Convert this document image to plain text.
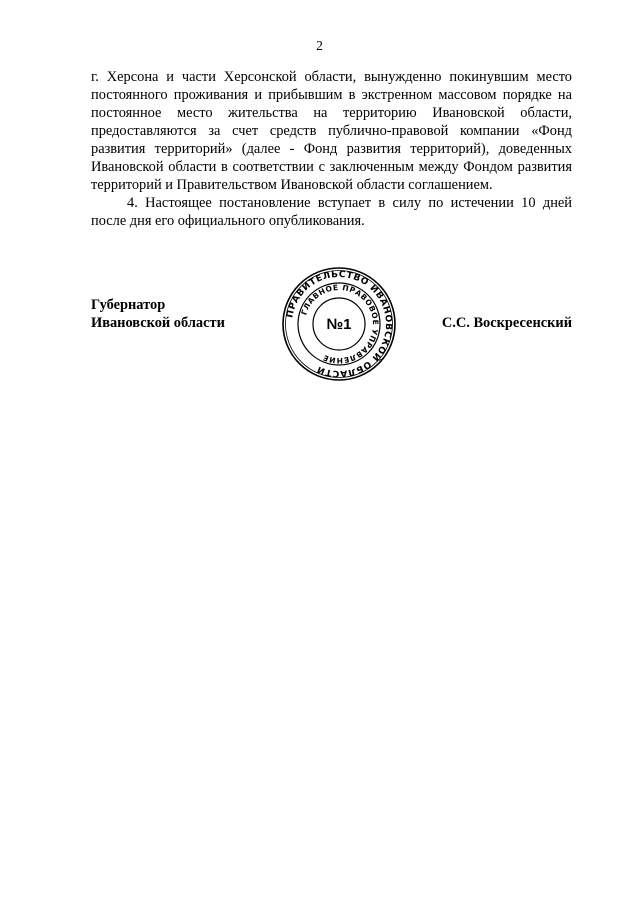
2

г. Херсона и части Херсонской области, вынужденно покинувшим место постоянного проживания и прибывшим в экстренном массовом порядке на постоянное место жительства на территорию Ивановской области, предоставляются за счет средств публично-правовой компании «Фонд развития территорий» (далее - Фонд развития территорий), доведенных Ивановской области в соответствии с заключенным между Фондом развития территорий и Правительством Ивановской области соглашением.

4. Настоящее постановление вступает в силу по истечении 10 дней после дня его официального опубликования.

Губернатор
Ивановской области
ПРАВИТЕЛЬСТВО ИВАНОВСКОЙ ОБЛАСТИ
ГЛАВНОЕ ПРАВОВОЕ УПРАВЛЕНИЕ
№1	С.С. Воскресенский
